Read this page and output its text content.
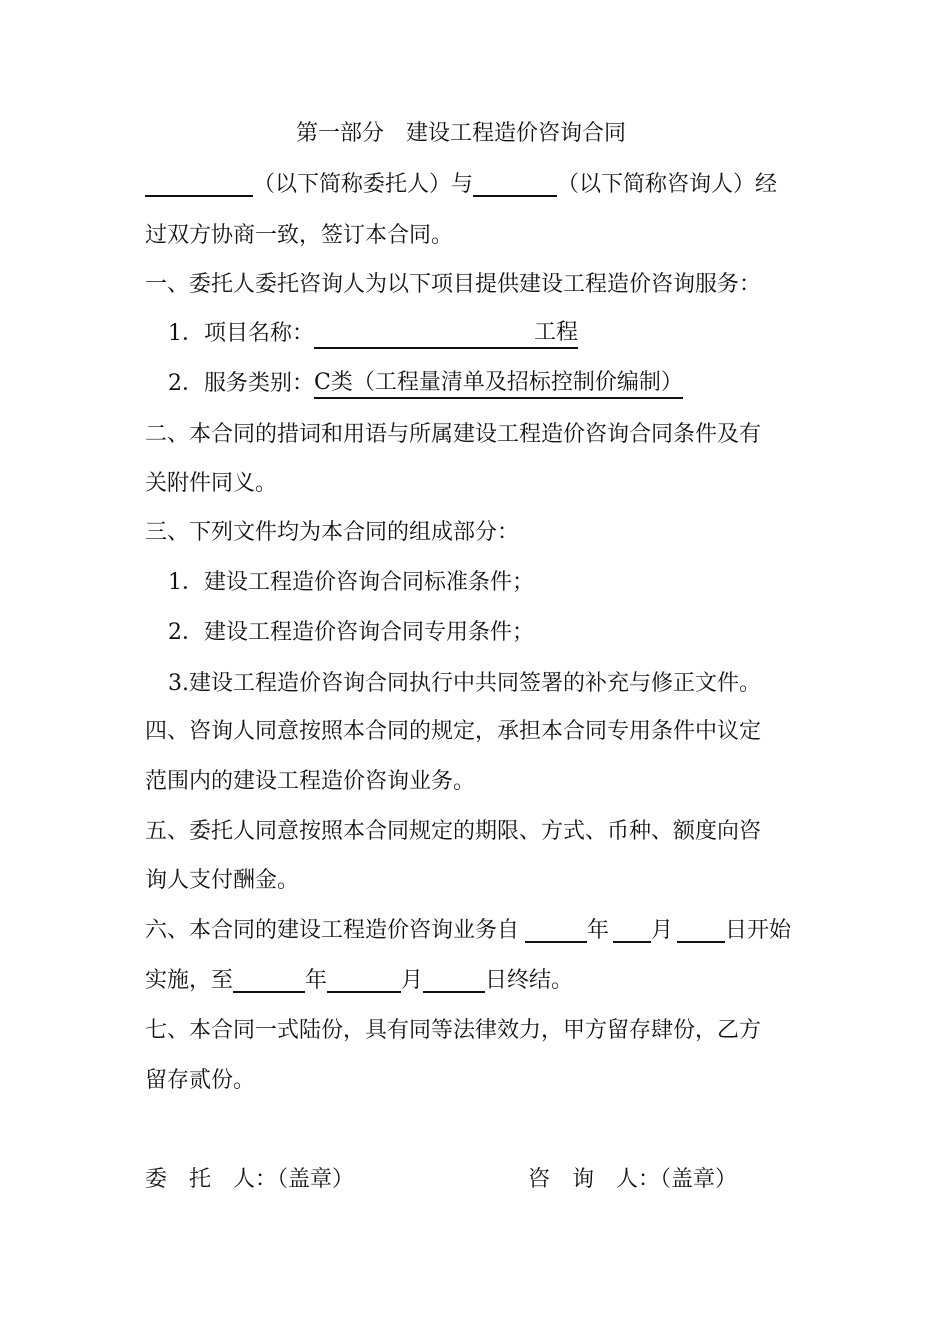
第一部分　建设工程造价咨询合同
（以下简称委托人）与	（以下简称咨询人）经
过双方协商一致，签订本合同。
一、委托人委托咨询人为以下项目提供建设工程造价咨询服务：
1．项目名称：	工程
2．服务类别：C类（工程量清单及招标控制价编制）
二、本合同的措词和用语与所属建设工程造价咨询合同条件及有
关附件同义。
三、下列文件均为本合同的组成部分：
1．建设工程造价咨询合同标准条件；
2．建设工程造价咨询合同专用条件；
3.建设工程造价咨询合同执行中共同签署的补充与修正文件。
四、咨询人同意按照本合同的规定，承担本合同专用条件中议定
范围内的建设工程造价咨询业务。
五、委托人同意按照本合同规定的期限、方式、币种、额度向咨
询人支付酬金。
六、本合同的建设工程造价咨询业务自	年 月 日开始
实施，至	年	月	日终结。
七、本合同一式陆份，具有同等法律效力，甲方留存肆份，乙方
留存贰份。
委　托　人：（盖章）	咨　询　人：（盖章）
